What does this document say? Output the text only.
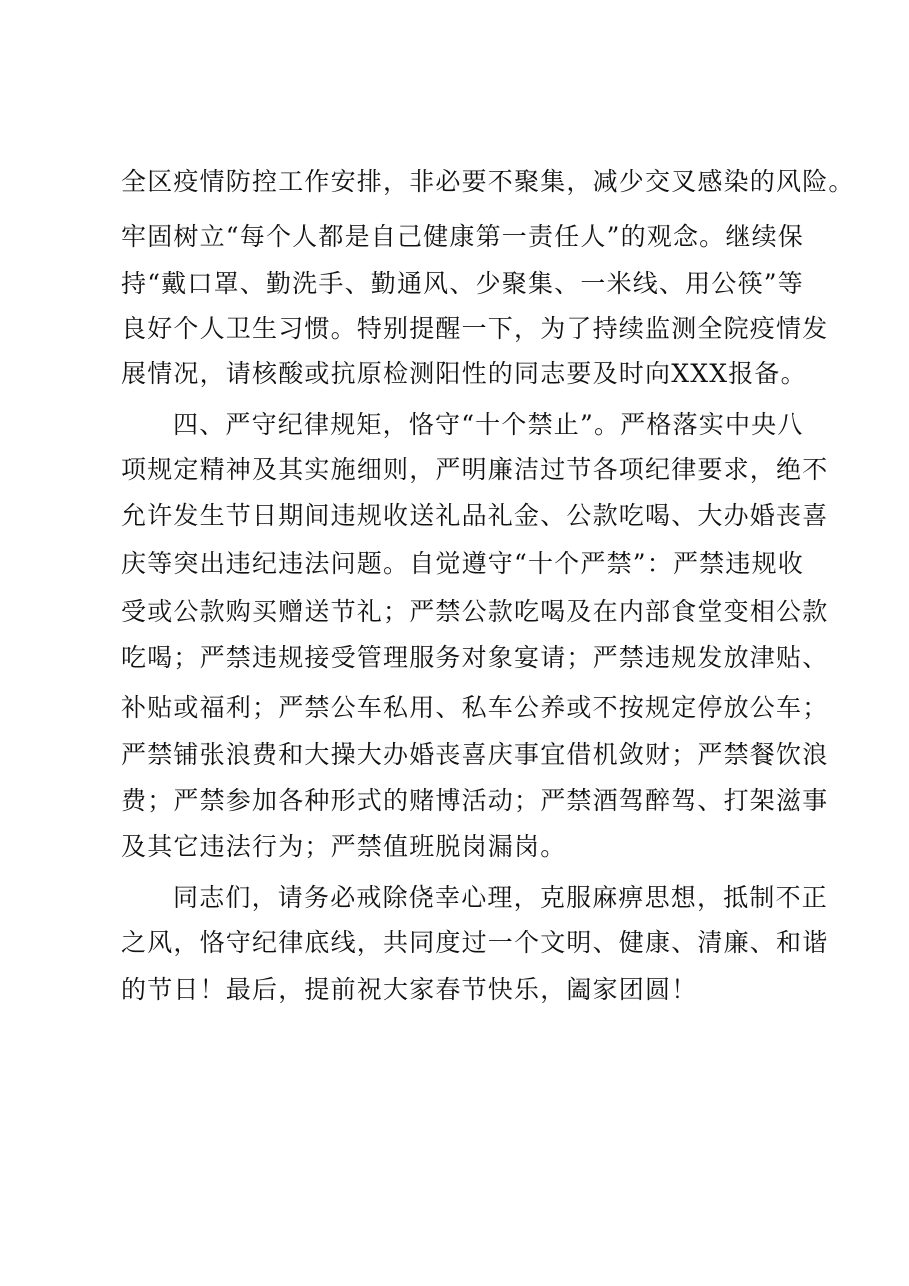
全区疫情防控工作安排，非必要不聚集，减少交叉感染的风险。
牢固树立“每个人都是自己健康第一责任人”的观念。继续保
持“戴口罩、勤洗手、勤通风、少聚集、一米线、用公筷”等
良好个人卫生习惯。特别提醒一下，为了持续监测全院疫情发
展情况，请核酸或抗原检测阳性的同志要及时向XXX报备。
四、严守纪律规矩，恪守“十个禁止”。严格落实中央八
项规定精神及其实施细则，严明廉洁过节各项纪律要求，绝不
允许发生节日期间违规收送礼品礼金、公款吃喝、大办婚丧喜
庆等突出违纪违法问题。自觉遵守“十个严禁”：严禁违规收
受或公款购买赠送节礼；严禁公款吃喝及在内部食堂变相公款
吃喝；严禁违规接受管理服务对象宴请；严禁违规发放津贴、
补贴或福利；严禁公车私用、私车公养或不按规定停放公车；
严禁铺张浪费和大操大办婚丧喜庆事宜借机敛财；严禁餐饮浪
费；严禁参加各种形式的赌博活动；严禁酒驾醉驾、打架滋事
及其它违法行为；严禁值班脱岗漏岗。
同志们，请务必戒除侥幸心理，克服麻痹思想，抵制不正
之风，恪守纪律底线，共同度过一个文明、健康、清廉、和谐
的节日！最后，提前祝大家春节快乐，阖家团圆！
